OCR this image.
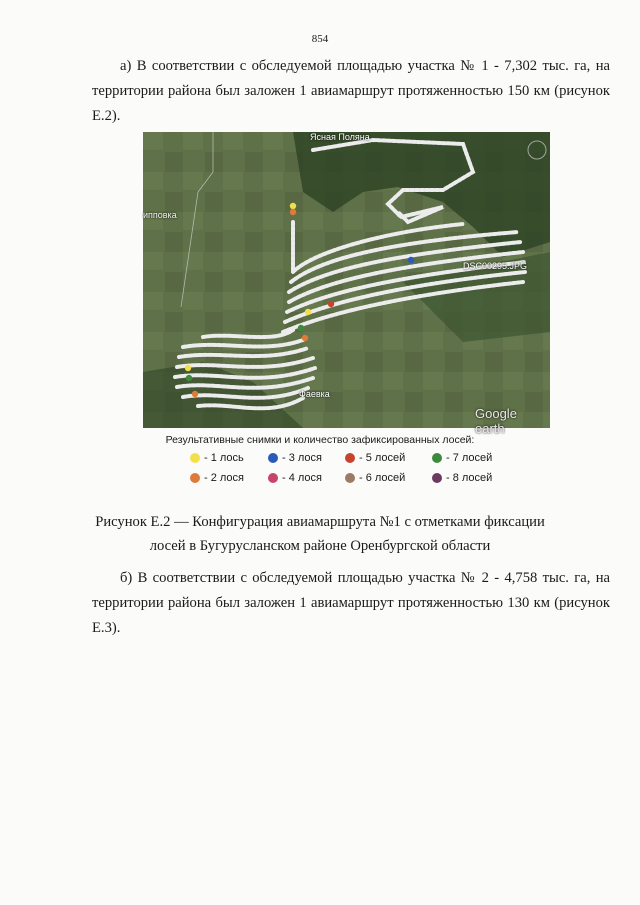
854
а) В соответствии с обследуемой площадью участка № 1 - 7,302 тыс. га, на территории района был заложен 1 авиамаршрут протяженностью 150 км (рисунок Е.2).
Ясная Поляна
ипповка
DSC00295.JPG
Фаевка
Google earth
Результативные снимки и количество зафиксированных лосей:
- 1 лось	- 3 лося	- 5 лосей	- 7 лосей
- 2 лося	- 4 лося	- 6 лосей	- 8 лосей
Рисунок Е.2 — Конфигурация авиамаршрута №1 с отметками фиксации
лосей в Бугурусланском районе Оренбургской области
б) В соответствии с обследуемой площадью участка № 2 - 4,758 тыс. га, на территории района был заложен 1 авиамаршрут протяженностью 130 км (рисунок Е.3).
